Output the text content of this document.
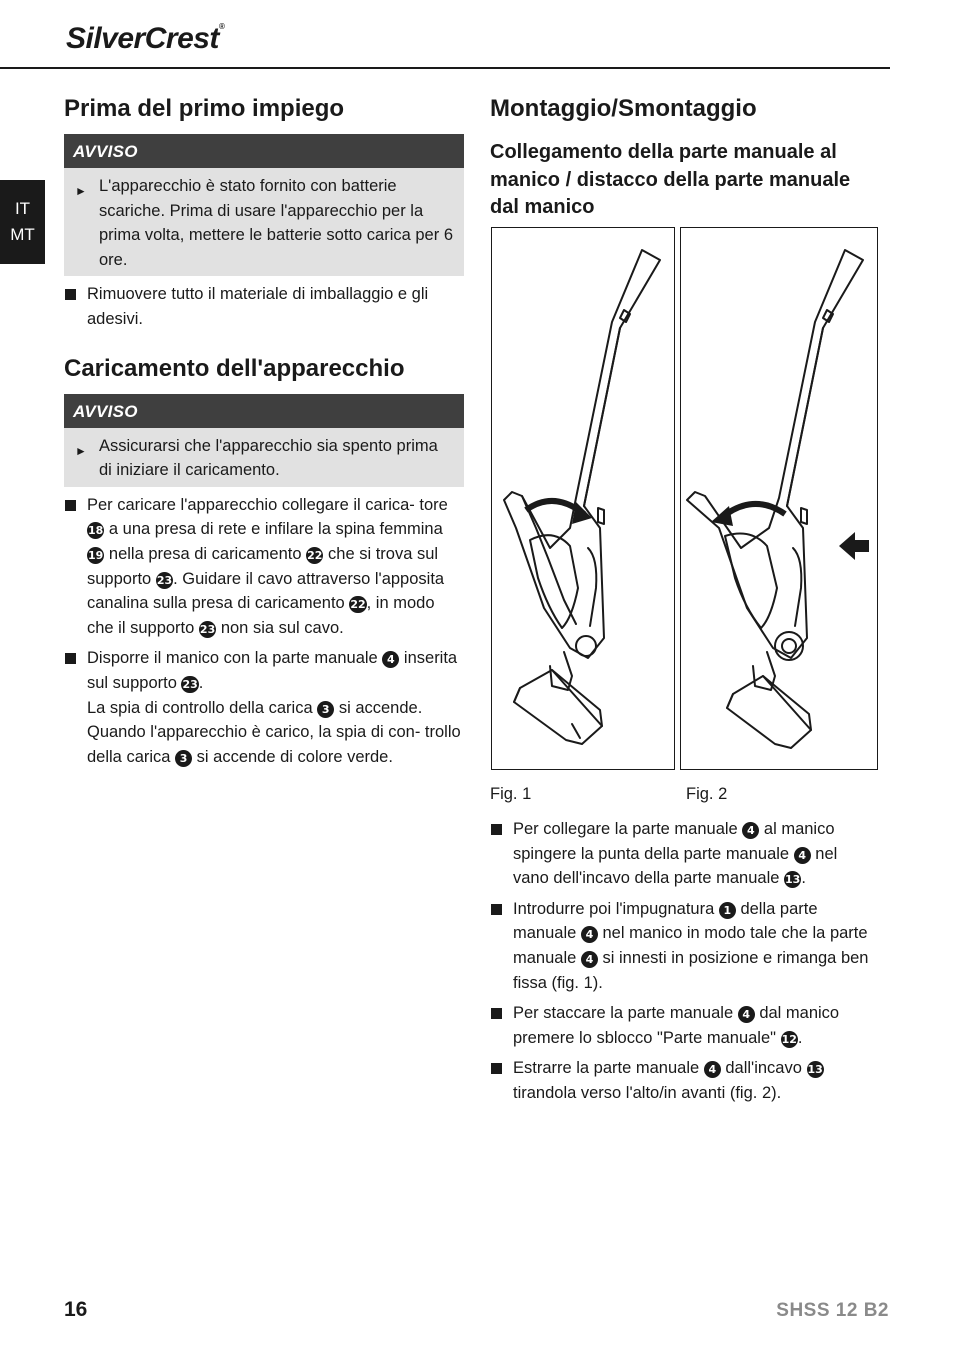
SilverCrest®
IT
MT
Prima del primo impiego
AVVISO
► L'apparecchio è stato fornito con batterie scariche. Prima di usare l'apparecchio per la prima volta, mettere le batterie sotto carica per 6 ore.
Rimuovere tutto il materiale di imballaggio e gli adesivi.
Caricamento dell'apparecchio
AVVISO
► Assicurarsi che l'apparecchio sia spento prima di iniziare il caricamento.
Per caricare l'apparecchio collegare il carica- tore 18 a una presa di rete e infilare la spina femmina 19 nella presa di caricamento 22 che si trova sul supporto 23. Guidare il cavo attraverso l'apposita canalina sulla presa di caricamento 22, in modo che il supporto 23 non sia sul cavo.
Disporre il manico con la parte manuale 4 inserita sul supporto 23.
La spia di controllo della carica 3 si accende. Quando l'apparecchio è carico, la spia di con- trollo della carica 3 si accende di colore verde.
Montaggio/Smontaggio
Collegamento della parte manuale al manico / distacco della parte manuale dal manico
Fig. 1	Fig. 2
Per collegare la parte manuale 4 al manico spingere la punta della parte manuale 4 nel vano dell'incavo della parte manuale 13.
Introdurre poi l'impugnatura 1 della parte manuale 4 nel manico in modo tale che la parte manuale 4 si innesti in posizione e rimanga ben fissa (fig. 1).
Per staccare la parte manuale 4 dal manico premere lo sblocco "Parte manuale" 12.
Estrarre la parte manuale 4 dall'incavo 13 tirandola verso l'alto/in avanti (fig. 2).
16	SHSS 12 B2
